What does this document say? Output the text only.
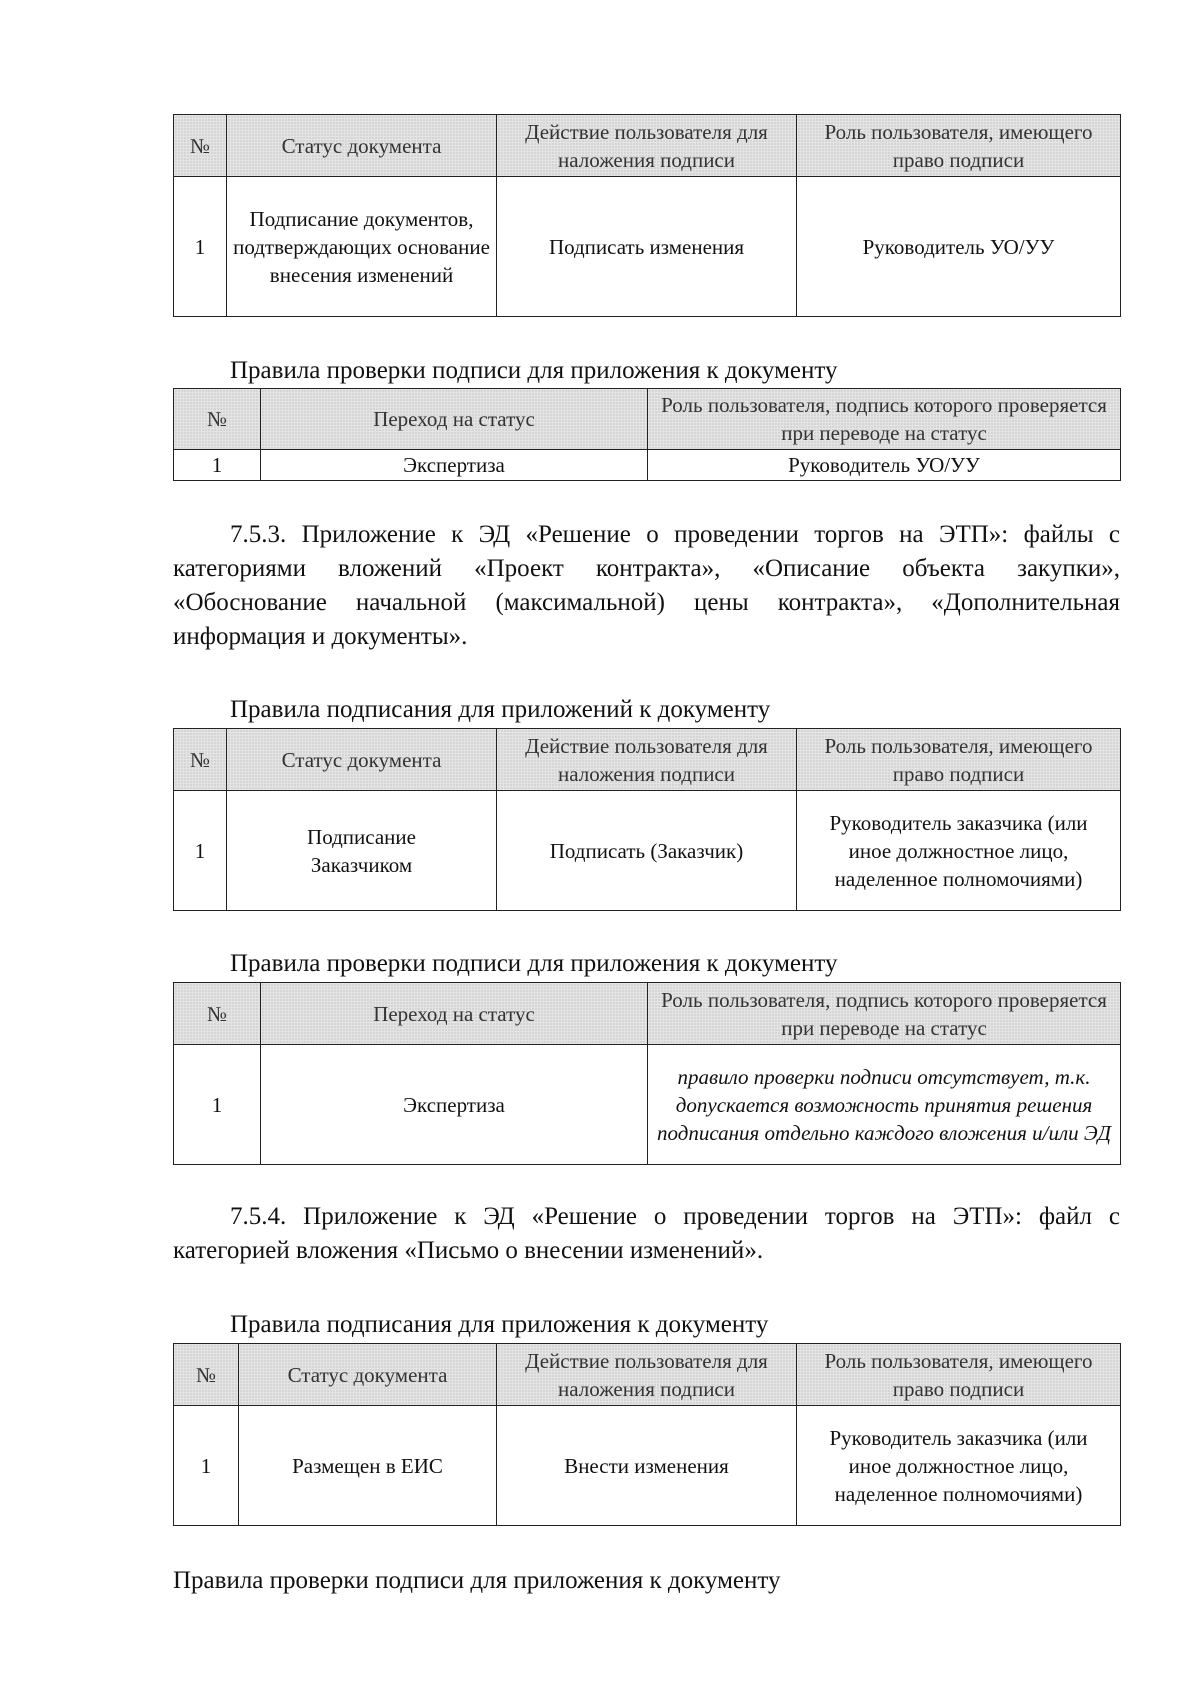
№	Статус документа	Действие пользователя для наложения подписи	Роль пользователя, имеющего право подписи
1	Подписание документов, подтверждающих основание внесения изменений	Подписать изменения	Руководитель УО/УУ
Правила проверки подписи для приложения к документу
№	Переход на статус	Роль пользователя, подпись которого проверяется при переводе на статус
1	Экспертиза	Руководитель УО/УУ

7.5.3. Приложение к ЭД «Решение о проведении торгов на ЭТП»: файлы с категориями вложений «Проект контракта», «Описание объекта закупки», «Обоснование начальной (максимальной) цены контракта», «Дополнительная информация и документы».

Правила подписания для приложений к документу
№	Статус документа	Действие пользователя для наложения подписи	Роль пользователя, имеющего право подписи
1	Подписание Заказчиком	Подписать (Заказчик)	Руководитель заказчика (или иное должностное лицо, наделенное полномочиями)
Правила проверки подписи для приложения к документу
№	Переход на статус	Роль пользователя, подпись которого проверяется при переводе на статус
1	Экспертиза	правило проверки подписи отсутствует, т.к. допускается возможность принятия решения подписания отдельно каждого вложения и/или ЭД

7.5.4. Приложение к ЭД «Решение о проведении торгов на ЭТП»: файл с категорией вложения «Письмо о внесении изменений».

Правила подписания для приложения к документу
№	Статус документа	Действие пользователя для наложения подписи	Роль пользователя, имеющего право подписи
1	Размещен в ЕИС	Внести изменения	Руководитель заказчика (или иное должностное лицо, наделенное полномочиями)
Правила проверки подписи для приложения к документу
